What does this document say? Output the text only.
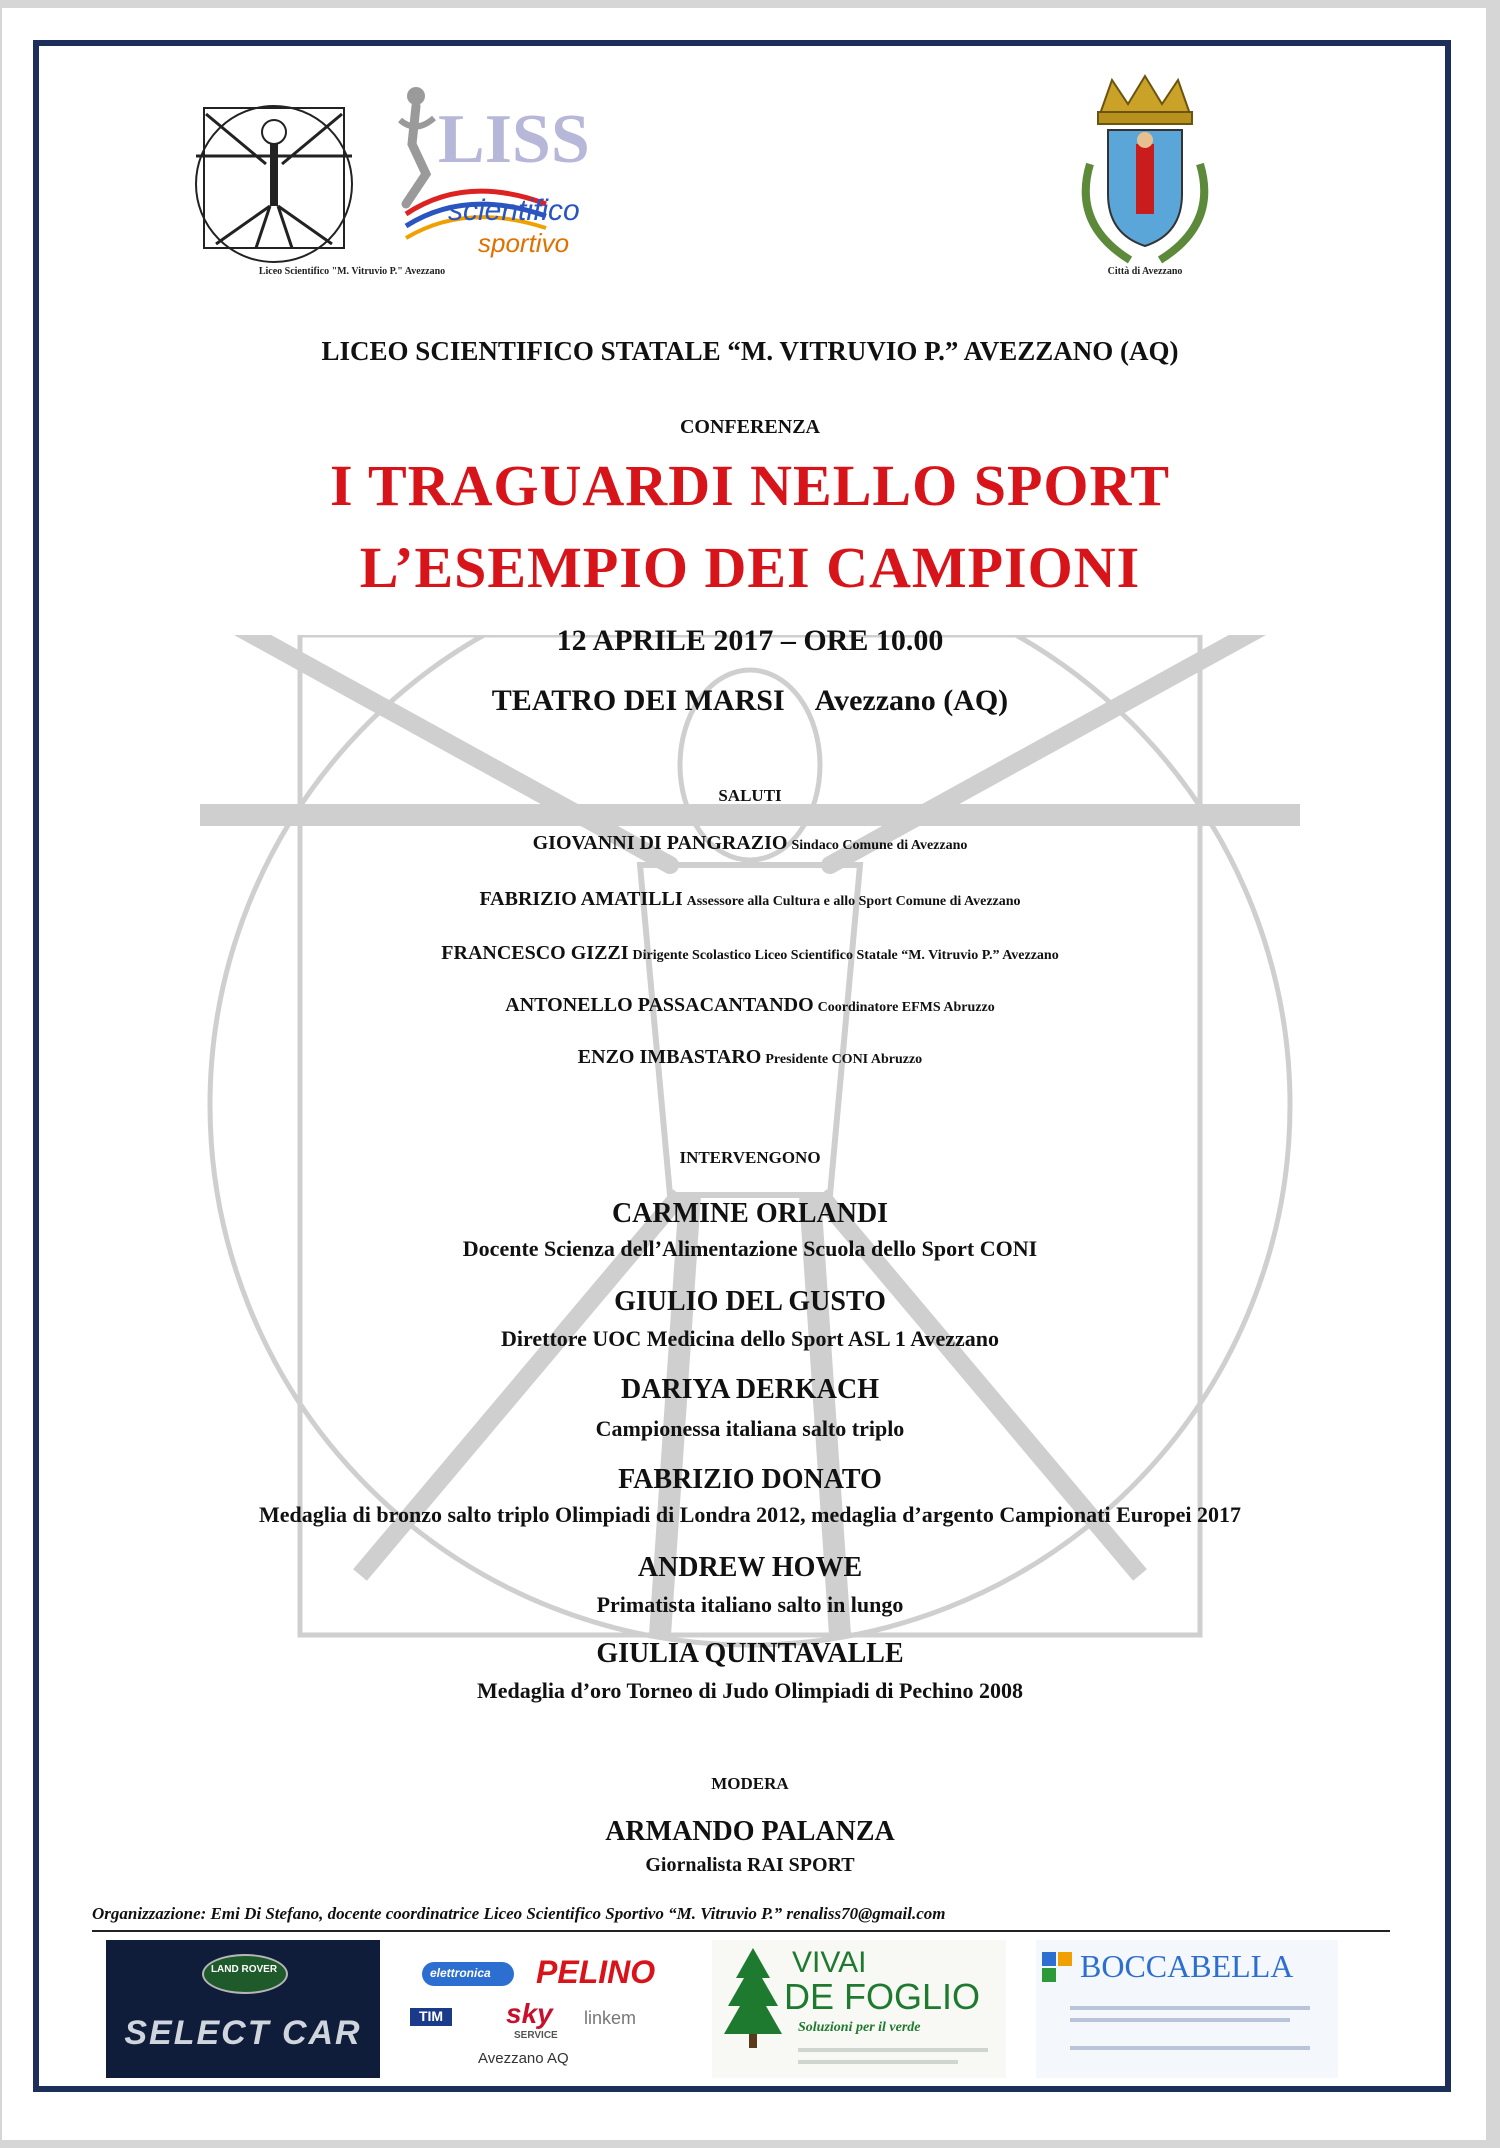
Liceo Scientifico "M. Vitruvio P." Avezzano
LISS
scientifico
sportivo
Città di Avezzano
LICEO SCIENTIFICO STATALE “M. VITRUVIO P.” AVEZZANO (AQ)
CONFERENZA
I TRAGUARDI NELLO SPORT
L’ESEMPIO DEI CAMPIONI
12 APRILE 2017 – ORE 10.00
TEATRO DEI MARSI Avezzano (AQ)
SALUTI
GIOVANNI DI PANGRAZIO Sindaco Comune di Avezzano
FABRIZIO AMATILLI Assessore alla Cultura e allo Sport Comune di Avezzano
FRANCESCO GIZZI Dirigente Scolastico Liceo Scientifico Statale “M. Vitruvio P.” Avezzano
ANTONELLO PASSACANTANDO Coordinatore EFMS Abruzzo
ENZO IMBASTARO Presidente CONI Abruzzo
INTERVENGONO
CARMINE ORLANDI
Docente Scienza dell’Alimentazione Scuola dello Sport CONI
GIULIO DEL GUSTO
Direttore UOC Medicina dello Sport ASL 1 Avezzano
DARIYA DERKACH
Campionessa italiana salto triplo
FABRIZIO DONATO
Medaglia di bronzo salto triplo Olimpiadi di Londra 2012, medaglia d’argento Campionati Europei 2017
ANDREW HOWE
Primatista italiano salto in lungo
GIULIA QUINTAVALLE
Medaglia d’oro Torneo di Judo Olimpiadi di Pechino 2008
MODERA
ARMANDO PALANZA
Giornalista RAI SPORT
Organizzazione: Emi Di Stefano, docente coordinatrice Liceo Scientifico Sportivo “M. Vitruvio P.” renaliss70@gmail.com
LAND ROVER
SELECT CAR
elettronica PELINO
TIM	sky
SERVICE
linkem
Avezzano AQ
VIVAI
DE FOGLIO
Soluzioni per il verde
BOCCABELLA
